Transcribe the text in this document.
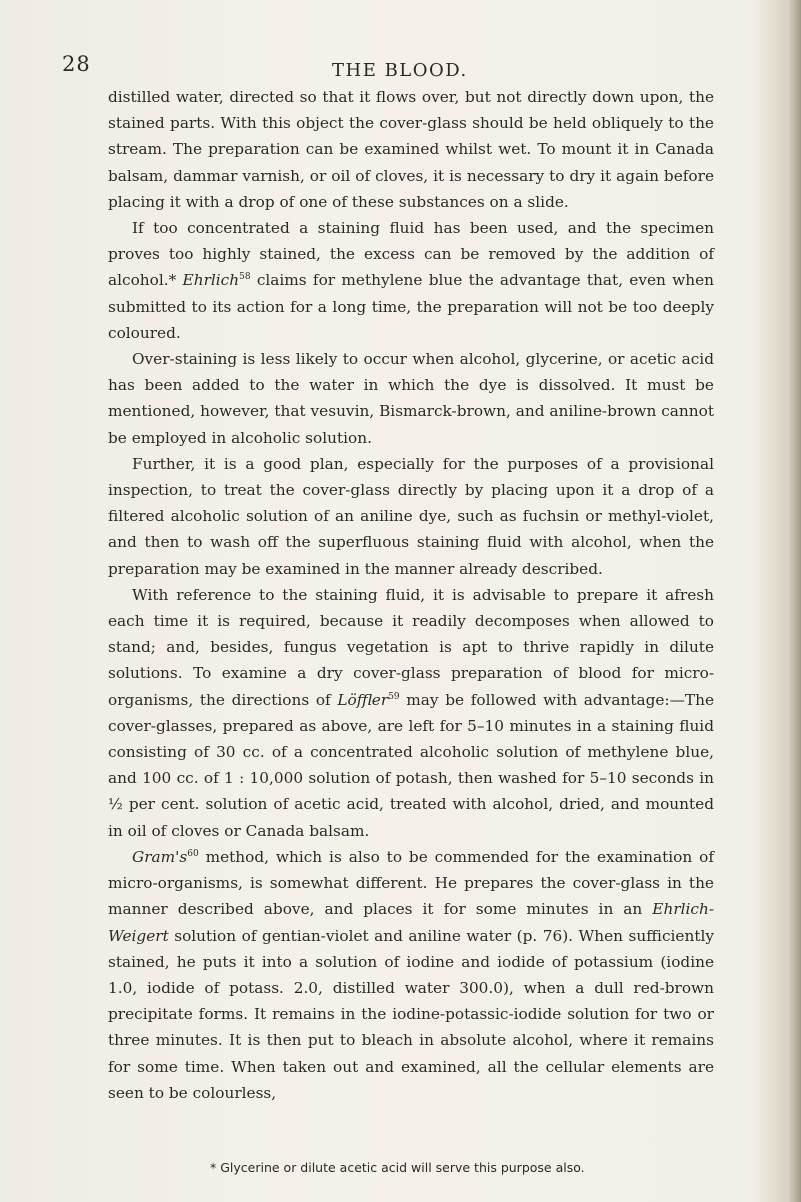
28	THE BLOOD.

distilled water, directed so that it flows over, but not directly down upon, the stained parts. With this object the cover-glass should be held obliquely to the stream. The preparation can be examined whilst wet. To mount it in Canada balsam, dammar varnish, or oil of cloves, it is necessary to dry it again before placing it with a drop of one of these substances on a slide.

If too concentrated a staining fluid has been used, and the specimen proves too highly stained, the excess can be removed by the addition of alcohol.* Ehrlich$^{58}$ claims for methylene blue the advantage that, even when submitted to its action for a long time, the preparation will not be too deeply coloured.

Over-staining is less likely to occur when alcohol, glycerine, or acetic acid has been added to the water in which the dye is dissolved. It must be mentioned, however, that vesuvin, Bismarck-brown, and aniline-brown cannot be employed in alcoholic solution.

Further, it is a good plan, especially for the purposes of a provisional inspection, to treat the cover-glass directly by placing upon it a drop of a filtered alcoholic solution of an aniline dye, such as fuchsin or methyl-violet, and then to wash off the superfluous staining fluid with alcohol, when the preparation may be examined in the manner already described.

With reference to the staining fluid, it is advisable to prepare it afresh each time it is required, because it readily decomposes when allowed to stand; and, besides, fungus vegetation is apt to thrive rapidly in dilute solutions. To examine a dry cover-glass preparation of blood for micro-organisms, the directions of Löffler$^{59}$ may be followed with advantage:—The cover-glasses, prepared as above, are left for 5–10 minutes in a staining fluid consisting of 30 cc. of a concentrated alcoholic solution of methylene blue, and 100 cc. of 1 : 10,000 solution of potash, then washed for 5–10 seconds in ½ per cent. solution of acetic acid, treated with alcohol, dried, and mounted in oil of cloves or Canada balsam.

Gram's$^{60}$ method, which is also to be commended for the examination of micro-organisms, is somewhat different. He prepares the cover-glass in the manner described above, and places it for some minutes in an Ehrlich-Weigert solution of gentian-violet and aniline water (p. 76). When sufficiently stained, he puts it into a solution of iodine and iodide of potassium (iodine 1.0, iodide of potass. 2.0, distilled water 300.0), when a dull red-brown precipitate forms. It remains in the iodine-potassic-iodide solution for two or three minutes. It is then put to bleach in absolute alcohol, where it remains for some time. When taken out and examined, all the cellular elements are seen to be colourless,

* Glycerine or dilute acetic acid will serve this purpose also.
